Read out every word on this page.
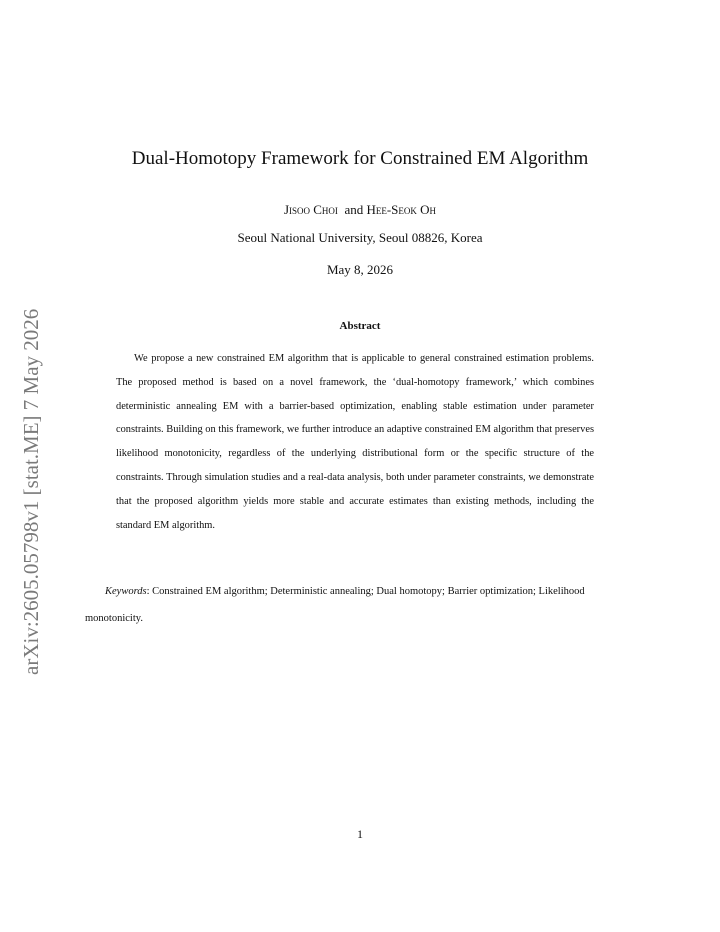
arXiv:2605.05798v1 [stat.ME] 7 May 2026
Dual-Homotopy Framework for Constrained EM Algorithm
Jisoo Choi and Hee-Seok Oh
Seoul National University, Seoul 08826, Korea
May 8, 2026
Abstract
We propose a new constrained EM algorithm that is applicable to general constrained estimation problems. The proposed method is based on a novel framework, the ‘dual-homotopy framework,’ which combines deterministic annealing EM with a barrier-based optimization, enabling stable estimation under parameter constraints. Building on this framework, we further introduce an adaptive constrained EM algorithm that preserves likelihood monotonicity, regardless of the underlying distributional form or the specific structure of the constraints. Through simulation studies and a real-data analysis, both under parameter constraints, we demonstrate that the proposed algorithm yields more stable and accurate estimates than existing methods, including the standard EM algorithm.
Keywords: Constrained EM algorithm; Deterministic annealing; Dual homotopy; Barrier optimization; Likelihood monotonicity.
1
